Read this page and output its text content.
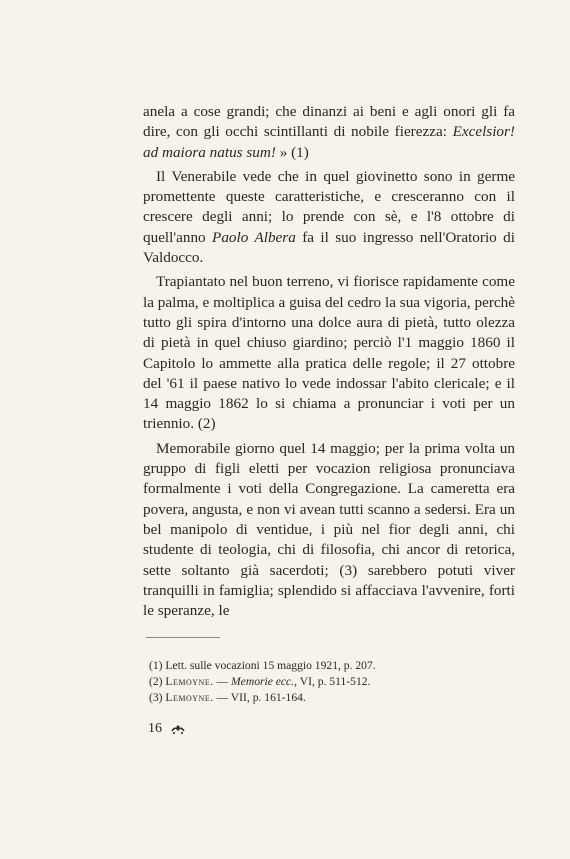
anela a cose grandi; che dinanzi ai beni e agli onori gli fa dire, con gli occhi scintillanti di nobile fierezza: Excelsior! ad maiora natus sum! » (1)

Il Venerabile vede che in quel giovinetto sono in germe promettente queste caratteristiche, e cresceranno con il crescere degli anni; lo prende con sè, e l'8 ottobre di quell'anno Paolo Albera fa il suo ingresso nell'Oratorio di Valdocco.

Trapiantato nel buon terreno, vi fiorisce rapidamente come la palma, e moltiplica a guisa del cedro la sua vigoria, perchè tutto gli spira d'intorno una dolce aura di pietà, tutto olezza di pietà in quel chiuso giardino; perciò l'1 maggio 1860 il Capitolo lo ammette alla pratica delle regole; il 27 ottobre del '61 il paese nativo lo vede indossar l'abito clericale; e il 14 maggio 1862 lo si chiama a pronunciar i voti per un triennio. (2)

Memorabile giorno quel 14 maggio; per la prima volta un gruppo di figli eletti per vocazion religiosa pronunciava formalmente i voti della Congregazione. La cameretta era povera, angusta, e non vi avean tutti scanno a sedersi. Era un bel manipolo di ventidue, i più nel fior degli anni, chi studente di teologia, chi di filosofia, chi ancor di retorica, sette soltanto già sacerdoti; (3) sarebbero potuti viver tranquilli in famiglia; splendido si affacciava l'avvenire, forti le speranze, le

(1) Lett. sulle vocazioni 15 maggio 1921, p. 207.
(2) Lemoyne. — Memorie ecc., VI, p. 511-512.
(3) Lemoyne. — VII, p. 161-164.
16
